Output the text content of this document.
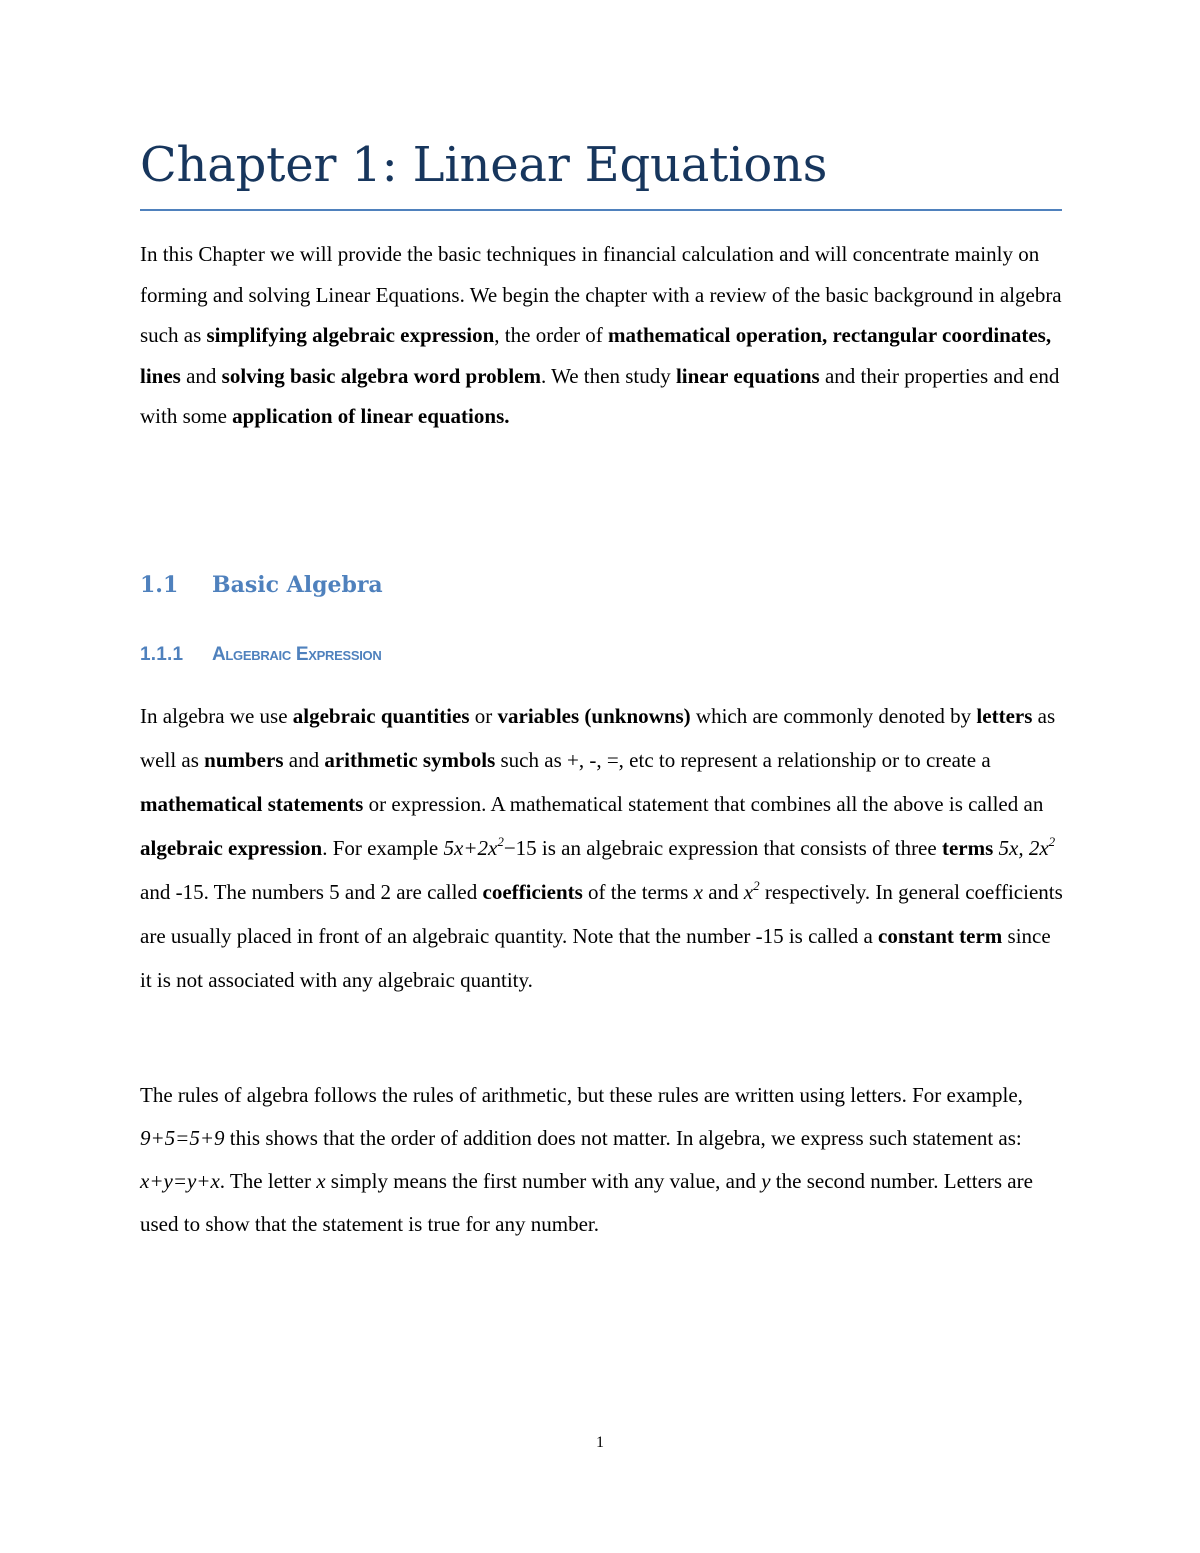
Chapter 1: Linear Equations

In this Chapter we will provide the basic techniques in financial calculation and will concentrate mainly on forming and solving Linear Equations. We begin the chapter with a review of the basic background in algebra such as simplifying algebraic expression, the order of mathematical operation, rectangular coordinates, lines and solving basic algebra word problem. We then study linear equations and their properties and end with some application of linear equations.

1.1 Basic Algebra
1.1.1 Algebraic Expression

In algebra we use algebraic quantities or variables (unknowns) which are commonly denoted by letters as well as numbers and arithmetic symbols such as +, -, =, etc to represent a relationship or to create a mathematical statements or expression. A mathematical statement that combines all the above is called an algebraic expression. For example $5x+2x^2-15$ is an algebraic expression that consists of three terms 5x, $2x^2$ and -15. The numbers 5 and 2 are called coefficients of the terms x and $x^2$ respectively. In general coefficients are usually placed in front of an algebraic quantity. Note that the number -15 is called a constant term since it is not associated with any algebraic quantity.

The rules of algebra follows the rules of arithmetic, but these rules are written using letters. For example, 9+5=5+9 this shows that the order of addition does not matter. In algebra, we express such statement as: x+y=y+x. The letter x simply means the first number with any value, and y the second number. Letters are used to show that the statement is true for any number.

1
